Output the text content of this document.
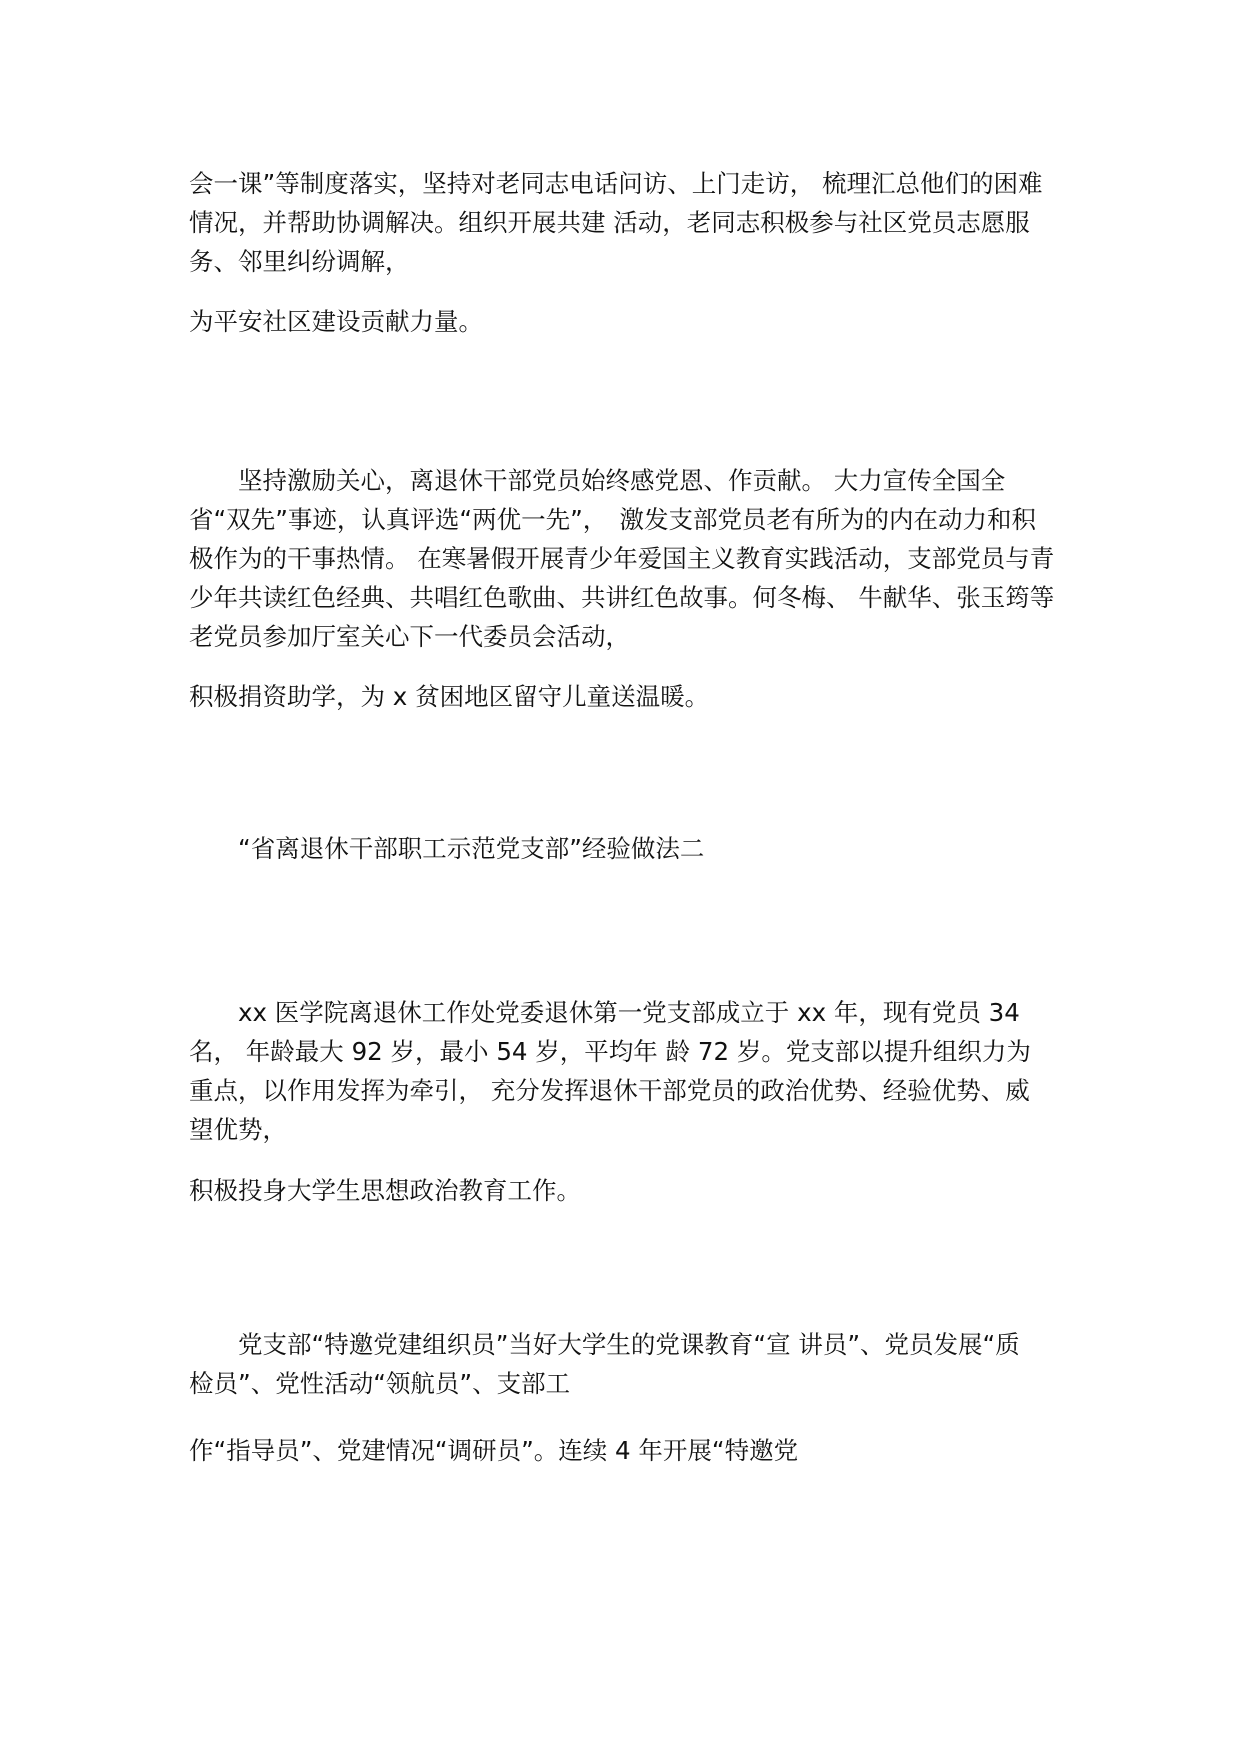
会一课”等制度落实，坚持对老同志电话问访、上门走访， 梳理汇总他们的困难
情况，并帮助协调解决。组织开展共建 活动，老同志积极参与社区党员志愿服
务、邻里纠纷调解，

为平安社区建设贡献力量。

　　坚持激励关心，离退休干部党员始终感党恩、作贡献。 大力宣传全国全
省“双先”事迹，认真评选“两优一先”，　激发支部党员老有所为的内在动力和积
极作为的干事热情。 在寒暑假开展青少年爱国主义教育实践活动，支部党员与青
少年共读红色经典、共唱红色歌曲、共讲红色故事。何冬梅、 牛献华、张玉筠等
老党员参加厅室关心下一代委员会活动，

积极捐资助学，为 x 贫困地区留守儿童送温暖。

　　“省离退休干部职工示范党支部”经验做法二

　　xx 医学院离退休工作处党委退休第一党支部成立于 xx 年，现有党员 34
名， 年龄最大 92 岁，最小 54 岁，平均年 龄 72 岁。党支部以提升组织力为
重点，以作用发挥为牵引， 充分发挥退休干部党员的政治优势、经验优势、威
望优势，

积极投身大学生思想政治教育工作。

　　党支部“特邀党建组织员”当好大学生的党课教育“宣 讲员”、党员发展“质
检员”、党性活动“领航员”、支部工

作“指导员”、党建情况“调研员”。连续 4 年开展“特邀党
